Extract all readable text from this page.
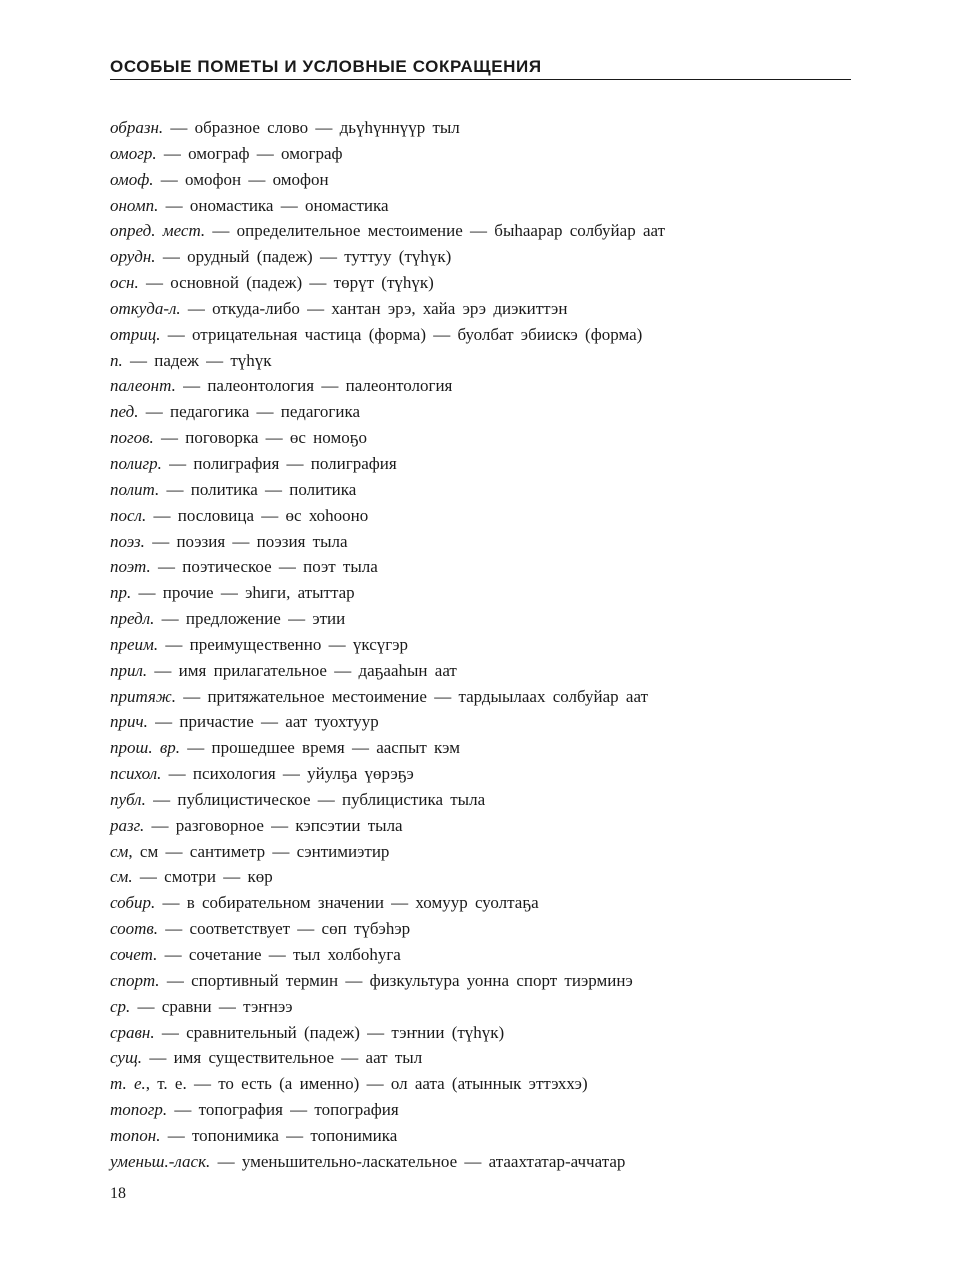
ОСОБЫЕ ПОМЕТЫ И УСЛОВНЫЕ СОКРАЩЕНИЯ
образн. — образное слово — дьүһүннүүр тыл
омогр. — омограф — омограф
омоф. — омофон — омофон
ономп. — ономастика — ономастика
опред. мест. — определительное местоимение — быһаарар солбуйар аат
орудн. — орудный (падеж) — туттуу (түһүк)
осн. — основной (падеж) — төрүт (түһүк)
откуда-л. — откуда-либо — хантан эрэ, хайа эрэ диэкиттэн
отриц. — отрицательная частица (форма) — буолбат эбиискэ (форма)
п. — падеж — түһүк
палеонт. — палеонтология — палеонтология
пед. — педагогика — педагогика
погов. — поговорка — өс номоҕо
полигр. — полиграфия — полиграфия
полит. — политика — политика
посл. — пословица — өс хоһооно
поэз. — поэзия — поэзия тыла
поэт. — поэтическое — поэт тыла
пр. — прочие — эһиги, атыттар
предл. — предложение — этии
преим. — преимущественно — үксүгэр
прил. — имя прилагательное — даҕааһын аат
притяж. — притяжательное местоимение — тардыылаах солбуйар аат
прич. — причастие — аат туохтуур
прош. вр. — прошедшее время — ааспыт кэм
психол. — психология — уйулҕа үөрэҕэ
публ. — публицистическое — публицистика тыла
разг. — разговорное — кэпсэтии тыла
см, см — сантиметр — сэнтимиэтир
см. — смотри — көр
собир. — в собирательном значении — хомуур суолтаҕа
соотв. — соответствует — сөп түбэһэр
сочет. — сочетание — тыл холбоһуга
спорт. — спортивный термин — физкультура уонна спорт тиэрминэ
ср. — сравни — тэҥнээ
сравн. — сравнительный (падеж) — тэҥнии (түһүк)
сущ. — имя существительное — аат тыл
т. е., т. е. — то есть (а именно) — ол аата (атыннык эттэххэ)
топогр. — топография — топография
топон. — топонимика — топонимика
уменьш.-ласк. — уменьшительно-ласкательное — атаахтатар-аччатар
18
